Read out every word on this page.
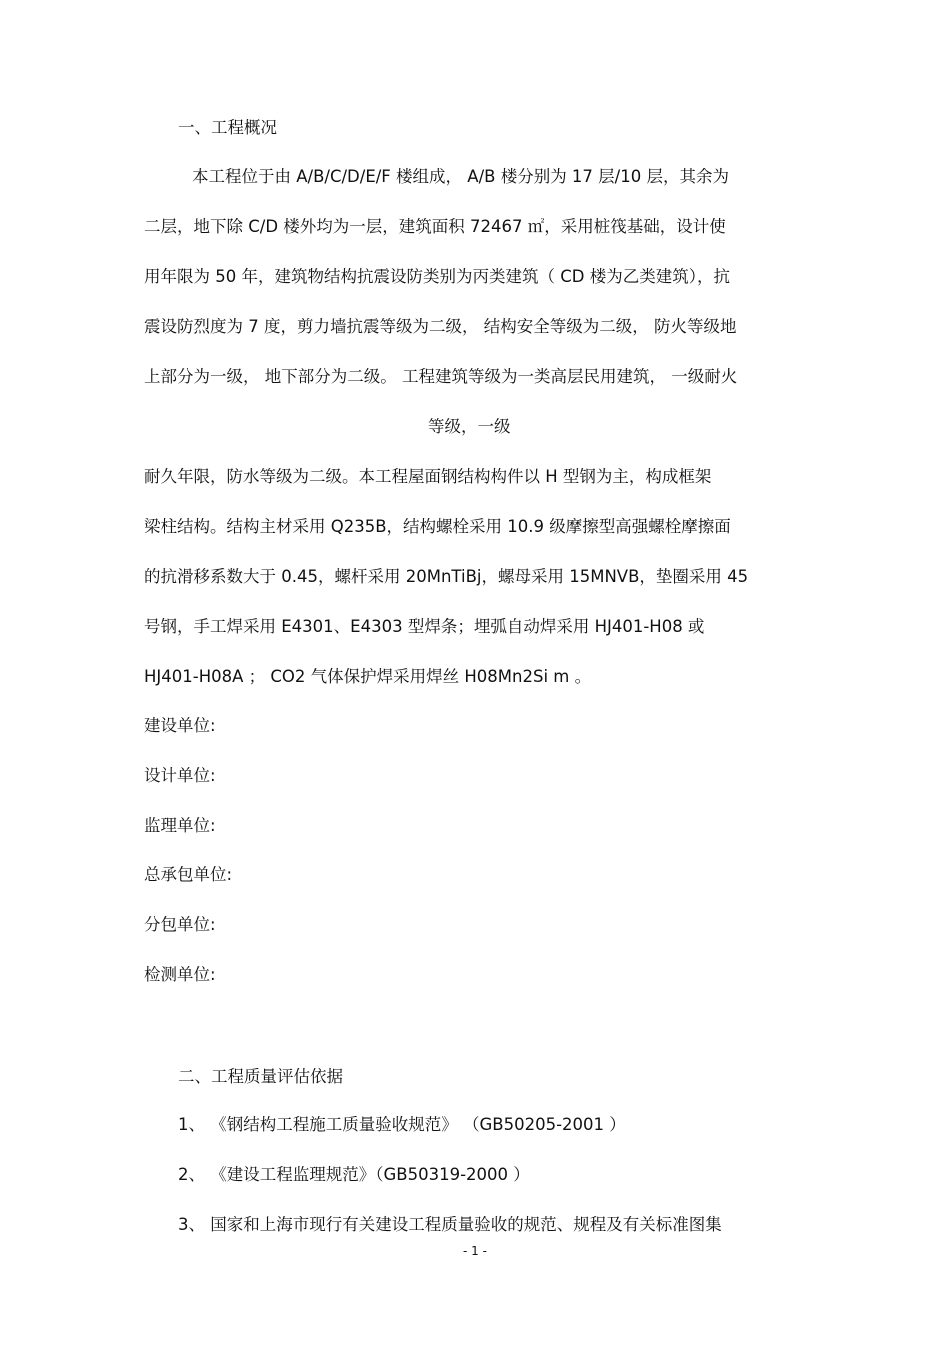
一、工程概况
本工程位于由 A/B/C/D/E/F 楼组成， A/B 楼分别为 17 层/10 层，其余为
二层，地下除 C/D 楼外均为一层，建筑面积 72467 ㎡，采用桩筏基础，设计使
用年限为 50 年，建筑物结构抗震设防类别为丙类建筑（ CD 楼为乙类建筑），抗
震设防烈度为 7 度，剪力墙抗震等级为二级， 结构安全等级为二级， 防火等级地
上部分为一级， 地下部分为二级。 工程建筑等级为一类高层民用建筑， 一级耐火
等级，一级
耐久年限，防水等级为二级。本工程屋面钢结构构件以 H 型钢为主，构成框架
梁柱结构。结构主材采用 Q235B，结构螺栓采用 10.9 级摩擦型高强螺栓摩擦面
的抗滑移系数大于 0.45，螺杆采用 20MnTiBj，螺母采用 15MNVB，垫圈采用 45
号钢，手工焊采用 E4301、E4303 型焊条；埋弧自动焊采用 HJ401-H08 或
HJ401-H08A ； CO2 气体保护焊采用焊丝 H08Mn2Si m 。
建设单位:
设计单位:
监理单位:
总承包单位:
分包单位:
检测单位:
二、工程质量评估依据
1、 《钢结构工程施工质量验收规范》 （GB50205-2001 ）
2、 《建设工程监理规范》（GB50319-2000 ）
3、 国家和上海市现行有关建设工程质量验收的规范、规程及有关标准图集
- 1 -
